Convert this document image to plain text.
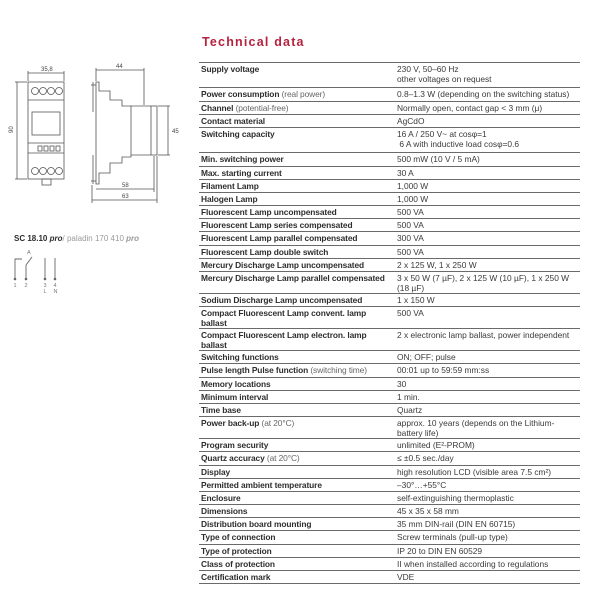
Technical data
35,8
90
44
45
58
63
SC 18.10 pro/ paladin 170 410 pro
A
1 2	3 4
L N
Supply voltage	230 V, 50–60 Hz
other voltages on request

Power consumption (real power)	0.8–1.3 W (depending on the switching status)
Channel (potential-free)	Normally open, contact gap < 3 mm (μ)
Contact material	AgCdO
Switching capacity	16 A / 250 V~ at cosφ=1
6 A with inductive load cosφ=0.6

Min. switching power	500 mW (10 V / 5 mA)
Max. starting current	30 A
Filament Lamp	1,000 W
Halogen Lamp	1,000 W
Fluorescent Lamp uncompensated	500 VA
Fluorescent Lamp series compensated	500 VA
Fluorescent Lamp parallel compensated	300 VA
Fluorescent Lamp double switch	500 VA
Mercury Discharge Lamp uncompensated	2 x 125 W, 1 x 250 W
Mercury Discharge Lamp parallel compensated	3 x 50 W (7 µF), 2 x 125 W (10 µF), 1 x 250 W (18 µF)
Sodium Discharge Lamp uncompensated	1 x 150 W
Compact Fluorescent Lamp convent. lamp ballast	500 VA
Compact Fluorescent Lamp electron. lamp ballast	2 x electronic lamp ballast, power independent
Switching functions	ON; OFF; pulse
Pulse length Pulse function (switching time)	00:01 up to 59:59 mm:ss
Memory locations	30
Minimum interval	1 min.
Time base	Quartz
Power back-up (at 20°C)	approx. 10 years (depends on the Lithium-battery life)
Program security	unlimited (E²-PROM)
Quartz accuracy (at 20°C)	≤ ±0.5 sec./day
Display	high resolution LCD (visible area 7.5 cm²)
Permitted ambient temperature	–30°…+55°C
Enclosure	self-extinguishing thermoplastic
Dimensions	45 x 35 x 58 mm
Distribution board mounting	35 mm DIN-rail (DIN EN 60715)
Type of connection	Screw terminals (pull-up type)
Type of protection	IP 20 to DIN EN 60529
Class of protection	II when installed according to regulations
Certification mark	VDE
